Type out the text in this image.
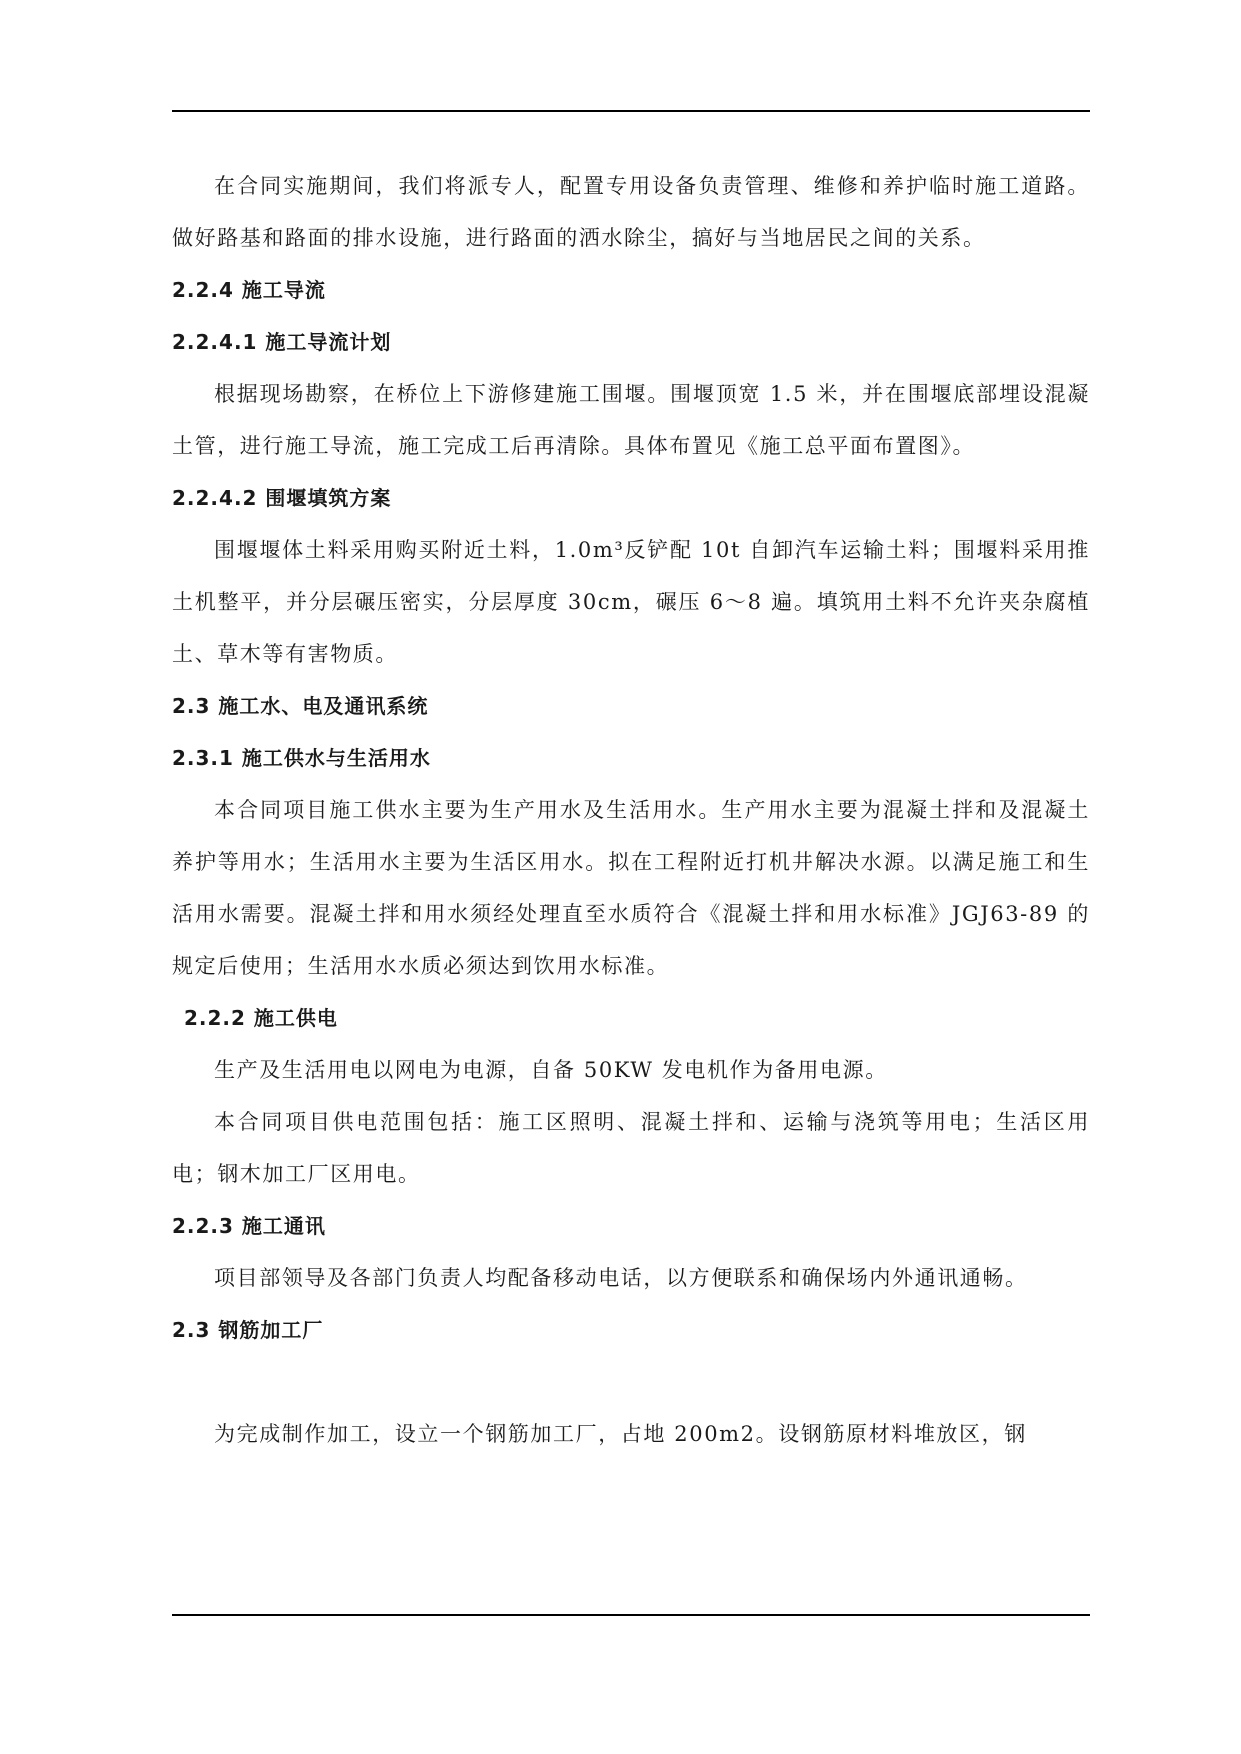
在合同实施期间，我们将派专人，配置专用设备负责管理、维修和养护临时施工道路。做好路基和路面的排水设施，进行路面的洒水除尘，搞好与当地居民之间的关系。

2.2.4 施工导流
2.2.4.1 施工导流计划

根据现场勘察，在桥位上下游修建施工围堰。围堰顶宽 1.5 米，并在围堰底部埋设混凝土管，进行施工导流，施工完成工后再清除。具体布置见《施工总平面布置图》。

2.2.4.2 围堰填筑方案

围堰堰体土料采用购买附近土料，1.0m³反铲配 10t 自卸汽车运输土料；围堰料采用推土机整平，并分层碾压密实，分层厚度 30cm，碾压 6～8 遍。填筑用土料不允许夹杂腐植土、草木等有害物质。

2.3 施工水、电及通讯系统
2.3.1 施工供水与生活用水

本合同项目施工供水主要为生产用水及生活用水。生产用水主要为混凝土拌和及混凝土养护等用水；生活用水主要为生活区用水。拟在工程附近打机井解决水源。以满足施工和生活用水需要。混凝土拌和用水须经处理直至水质符合《混凝土拌和用水标准》JGJ63-89 的规定后使用；生活用水水质必须达到饮用水标准。

2.2.2 施工供电

生产及生活用电以网电为电源，自备 50KW 发电机作为备用电源。

本合同项目供电范围包括：施工区照明、混凝土拌和、运输与浇筑等用电；生活区用电；钢木加工厂区用电。

2.2.3 施工通讯

项目部领导及各部门负责人均配备移动电话，以方便联系和确保场内外通讯通畅。

2.3 钢筋加工厂

为完成制作加工，设立一个钢筋加工厂，占地 200m2。设钢筋原材料堆放区，钢
